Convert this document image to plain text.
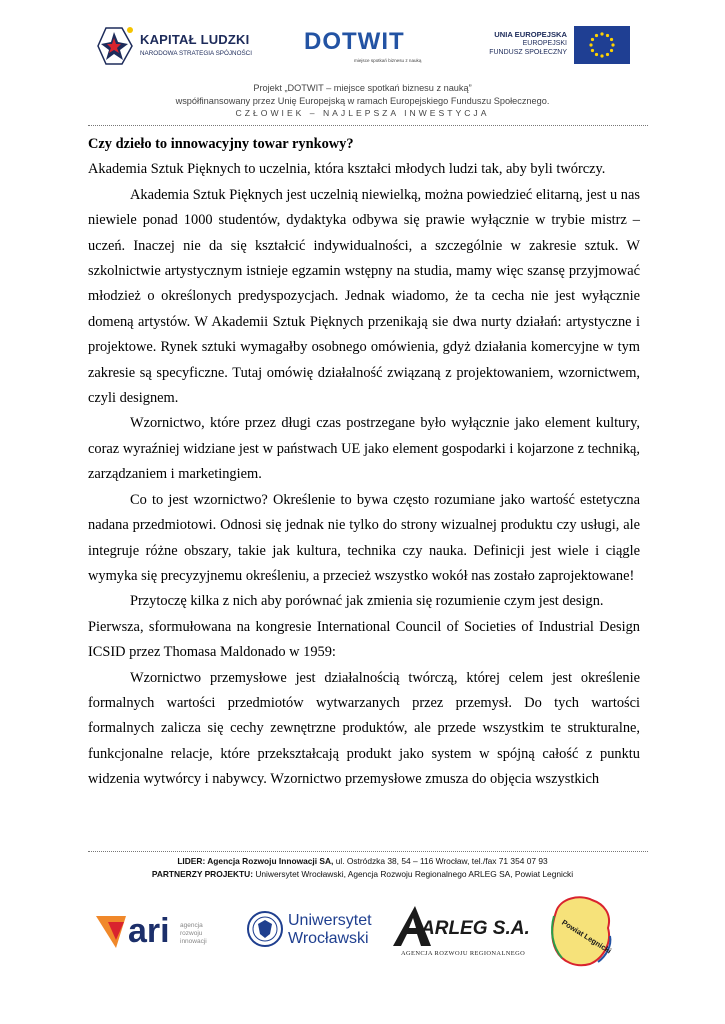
KAPITAŁ LUDZKI
NARODOWA STRATEGIA SPÓJNOŚCI DOTWIT
miejsce spotkań biznesu z nauką
UNIA EUROPEJSKA
EUROPEJSKI
FUNDUSZ SPOŁECZNY
Projekt „DOTWIT – miejsce spotkań biznesu z nauką”
współfinansowany przez Unię Europejską w ramach Europejskiego Funduszu Społecznego.
CZŁOWIEK – NAJLEPSZA INWESTYCJA

Czy dzieło to innowacyjny towar rynkowy?

Akademia Sztuk Pięknych to uczelnia, która kształci młodych ludzi tak, aby byli twórczy.

Akademia Sztuk Pięknych jest uczelnią niewielką, można powiedzieć elitarną, jest u nas niewiele ponad 1000 studentów, dydaktyka odbywa się prawie wyłącznie w trybie mistrz – uczeń. Inaczej nie da się kształcić indywidualności, a szczególnie w zakresie sztuk. W szkolnictwie artystycznym istnieje egzamin wstępny na studia, mamy więc szansę przyjmować młodzież o określonych predyspozycjach. Jednak wiadomo, że ta cecha nie jest wyłącznie domeną artystów. W Akademii Sztuk Pięknych przenikają sie dwa nurty działań: artystyczne i projektowe. Rynek sztuki wymagałby osobnego omówienia, gdyż działania komercyjne w tym zakresie są specyficzne. Tutaj omówię działalność związaną z projektowaniem, wzornictwem, czyli designem.

Wzornictwo, które przez długi czas postrzegane było wyłącznie jako element kultury, coraz wyraźniej widziane jest w państwach UE jako element gospodarki i kojarzone z techniką, zarządzaniem i marketingiem.

Co to jest wzornictwo? Określenie to bywa często rozumiane jako wartość estetyczna nadana przedmiotowi. Odnosi się jednak nie tylko do strony wizualnej produktu czy usługi, ale integruje różne obszary, takie jak kultura, technika czy nauka. Definicji jest wiele i ciągle wymyka się precyzyjnemu określeniu, a przecież wszystko wokół nas zostało zaprojektowane!

Przytoczę kilka z nich aby porównać jak zmienia się rozumienie czym jest design.

Pierwsza, sformułowana na kongresie International Council of Societies of Industrial Design ICSID przez Thomasa Maldonado w 1959:

Wzornictwo przemysłowe jest działalnością twórczą, której celem jest określenie formalnych wartości przedmiotów wytwarzanych przez przemysł. Do tych wartości formalnych zalicza się cechy zewnętrzne produktów, ale przede wszystkim te strukturalne, funkcjonalne relacje, które przekształcają produkt jako system w spójną całość z punktu widzenia wytwórcy i nabywcy. Wzornictwo przemysłowe zmusza do objęcia wszystkich

LIDER: Agencja Rozwoju Innowacji SA, ul. Ostródzka 38, 54 – 116 Wrocław, tel./fax 71 354 07 93
PARTNERZY PROJEKTU: Uniwersytet Wrocławski, Agencja Rozwoju Regionalnego ARLEG SA, Powiat Legnicki
ari agencja rozwoju innowacji
Uniwersytet Wrocławski	ARLEG S.A.
AGENCJA ROZWOJU REGIONALNEGO	Powiat Legnicki
